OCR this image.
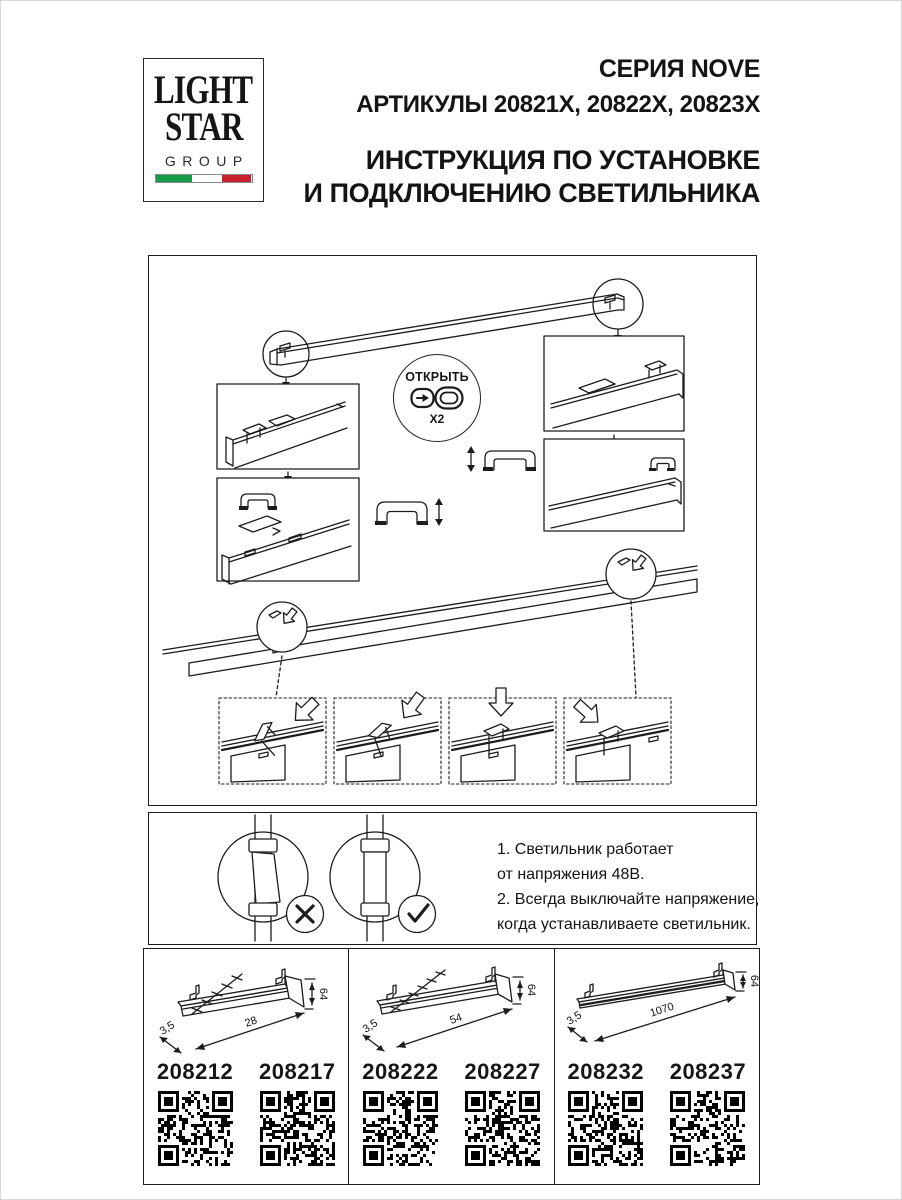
LIGHT
STAR
GROUP
СЕРИЯ NOVE
АРТИКУЛЫ 20821X, 20822X, 20823X
ИНСТРУКЦИЯ ПО УСТАНОВКЕ
И ПОДКЛЮЧЕНИЮ СВЕТИЛЬНИКА
ОТКРЫТЬ
X2
1. Светильник работает
от напряжения 48В.
2. Всегда выключайте напряжение,
когда устанавливаете светильник.
3,5	28
64
208212 208217
3,5	54
64
208222 208227
3,5	1070
64
208232 208237
